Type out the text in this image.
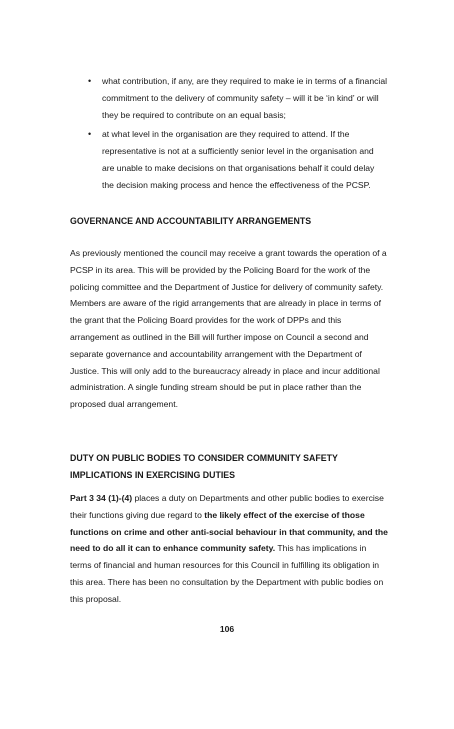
• what contribution, if any, are they required to make ie in terms of a financial commitment to the delivery of community safety – will it be ‘in kind’ or will they be required to contribute on an equal basis;
• at what level in the organisation are they required to attend. If the representative is not at a sufficiently senior level in the organisation and are unable to make decisions on that organisations behalf it could delay the decision making process and hence the effectiveness of the PCSP.
GOVERNANCE AND ACCOUNTABILITY ARRANGEMENTS

As previously mentioned the council may receive a grant towards the operation of a PCSP in its area. This will be provided by the Policing Board for the work of the policing committee and the Department of Justice for delivery of community safety. Members are aware of the rigid arrangements that are already in place in terms of the grant that the Policing Board provides for the work of DPPs and this arrangement as outlined in the Bill will further impose on Council a second and separate governance and accountability arrangement with the Department of Justice. This will only add to the bureaucracy already in place and incur additional administration. A single funding stream should be put in place rather than the proposed dual arrangement.

DUTY ON PUBLIC BODIES TO CONSIDER COMMUNITY SAFETY IMPLICATIONS IN EXERCISING DUTIES

Part 3 34 (1)-(4) places a duty on Departments and other public bodies to exercise their functions giving due regard to the likely effect of the exercise of those functions on crime and other anti-social behaviour in that community, and the need to do all it can to enhance community safety. This has implications in terms of financial and human resources for this Council in fulfilling its obligation in this area. There has been no consultation by the Department with public bodies on this proposal.

106
